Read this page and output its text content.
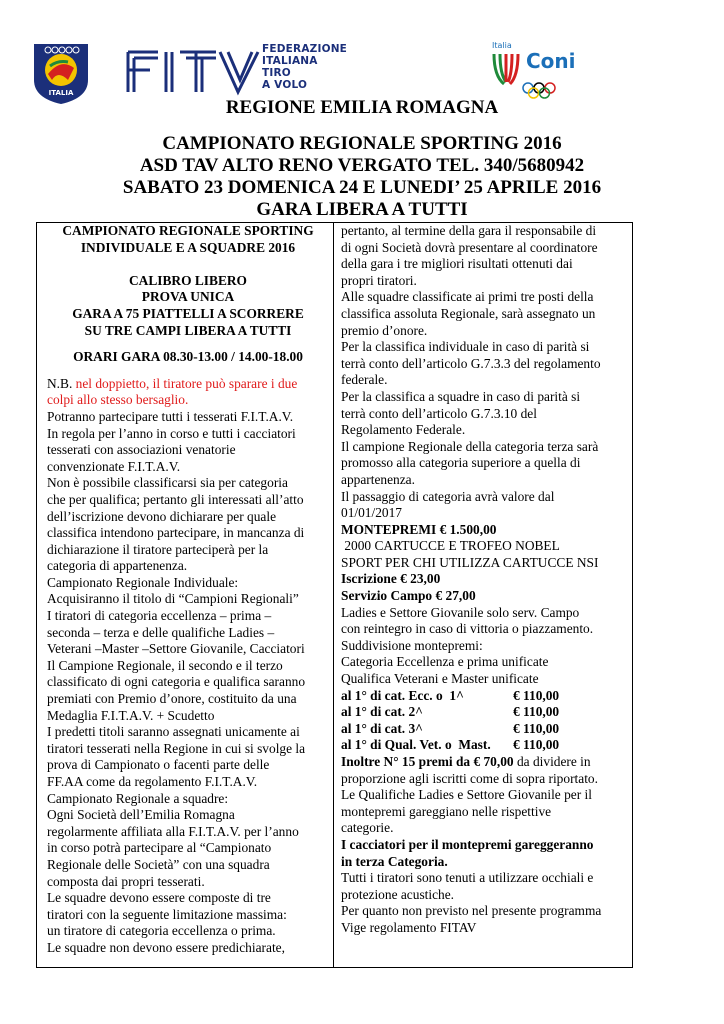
ITALIA
FEDERAZIONE
ITALIANA
TIRO
A VOLO
Italia
Coni
REGIONE EMILIA ROMAGNA
CAMPIONATO REGIONALE SPORTING 2016
ASD TAV ALTO RENO VERGATO TEL. 340/5680942
SABATO 23 DOMENICA 24 E LUNEDI’ 25 APRILE 2016
GARA LIBERA A TUTTI
CAMPIONATO REGIONALE SPORTING
INDIVIDUALE E A SQUADRE 2016
CALIBRO LIBERO
PROVA UNICA
GARA A 75 PIATTELLI A SCORRERE
SU TRE CAMPI LIBERA A TUTTI
ORARI GARA 08.30-13.00 / 14.00-18.00
N.B. nel doppietto, il tiratore può sparare i due
colpi allo stesso bersaglio.
Potranno partecipare tutti i tesserati F.I.T.A.V.
In regola per l’anno in corso e tutti i cacciatori
tesserati con associazioni venatorie
convenzionate F.I.T.A.V.
Non è possibile classificarsi sia per categoria
che per qualifica; pertanto gli interessati all’atto
dell’iscrizione devono dichiarare per quale
classifica intendono partecipare, in mancanza di
dichiarazione il tiratore parteciperà per la
categoria di appartenenza.
Campionato Regionale Individuale:
Acquisiranno il titolo di “Campioni Regionali”
I tiratori di categoria eccellenza – prima –
seconda – terza e delle qualifiche Ladies –
Veterani –Master –Settore Giovanile, Cacciatori
Il Campione Regionale, il secondo e il terzo
classificato di ogni categoria e qualifica saranno
premiati con Premio d’onore, costituito da una
Medaglia F.I.T.A.V. + Scudetto
I predetti titoli saranno assegnati unicamente ai
tiratori tesserati nella Regione in cui si svolge la
prova di Campionato o facenti parte delle
FF.AA come da regolamento F.I.T.A.V.
Campionato Regionale a squadre:
Ogni Società dell’Emilia Romagna
regolarmente affiliata alla F.I.T.A.V. per l’anno
in corso potrà partecipare al “Campionato
Regionale delle Società” con una squadra
composta dai propri tesserati.
Le squadre devono essere composte di tre
tiratori con la seguente limitazione massima:
un tiratore di categoria eccellenza o prima.
Le squadre non devono essere predichiarate,
pertanto, al termine della gara il responsabile di
di ogni Società dovrà presentare al coordinatore
della gara i tre migliori risultati ottenuti dai
propri tiratori.
Alle squadre classificate ai primi tre posti della
classifica assoluta Regionale, sarà assegnato un
premio d’onore.
Per la classifica individuale in caso di parità si
terrà conto dell’articolo G.7.3.3 del regolamento
federale.
Per la classifica a squadre in caso di parità si
terrà conto dell’articolo G.7.3.10 del
Regolamento Federale.
Il campione Regionale della categoria terza sarà
promosso alla categoria superiore a quella di
appartenenza.
Il passaggio di categoria avrà valore dal
01/01/2017
MONTEPREMI € 1.500,00
2000 CARTUCCE E TROFEO NOBEL
SPORT PER CHI UTILIZZA CARTUCCE NSI
Iscrizione € 23,00
Servizio Campo € 27,00
Ladies e Settore Giovanile solo serv. Campo
con reintegro in caso di vittoria o piazzamento.
Suddivisione montepremi:
Categoria Eccellenza e prima unificate
Qualifica Veterani e Master unificate
al 1° di cat. Ecc. o  1^	€ 110,00
al 1° di cat. 2^	€ 110,00
al 1° di cat. 3^	€ 110,00
al 1° di Qual. Vet. o  Mast. € 110,00
Inoltre N° 15 premi da € 70,00 da dividere in
proporzione agli iscritti come di sopra riportato.
Le Qualifiche Ladies e Settore Giovanile per il
montepremi gareggiano nelle rispettive
categorie.
I cacciatori per il montepremi gareggeranno
in terza Categoria.
Tutti i tiratori sono tenuti a utilizzare occhiali e
protezione acustiche.
Per quanto non previsto nel presente programma
Vige regolamento FITAV
